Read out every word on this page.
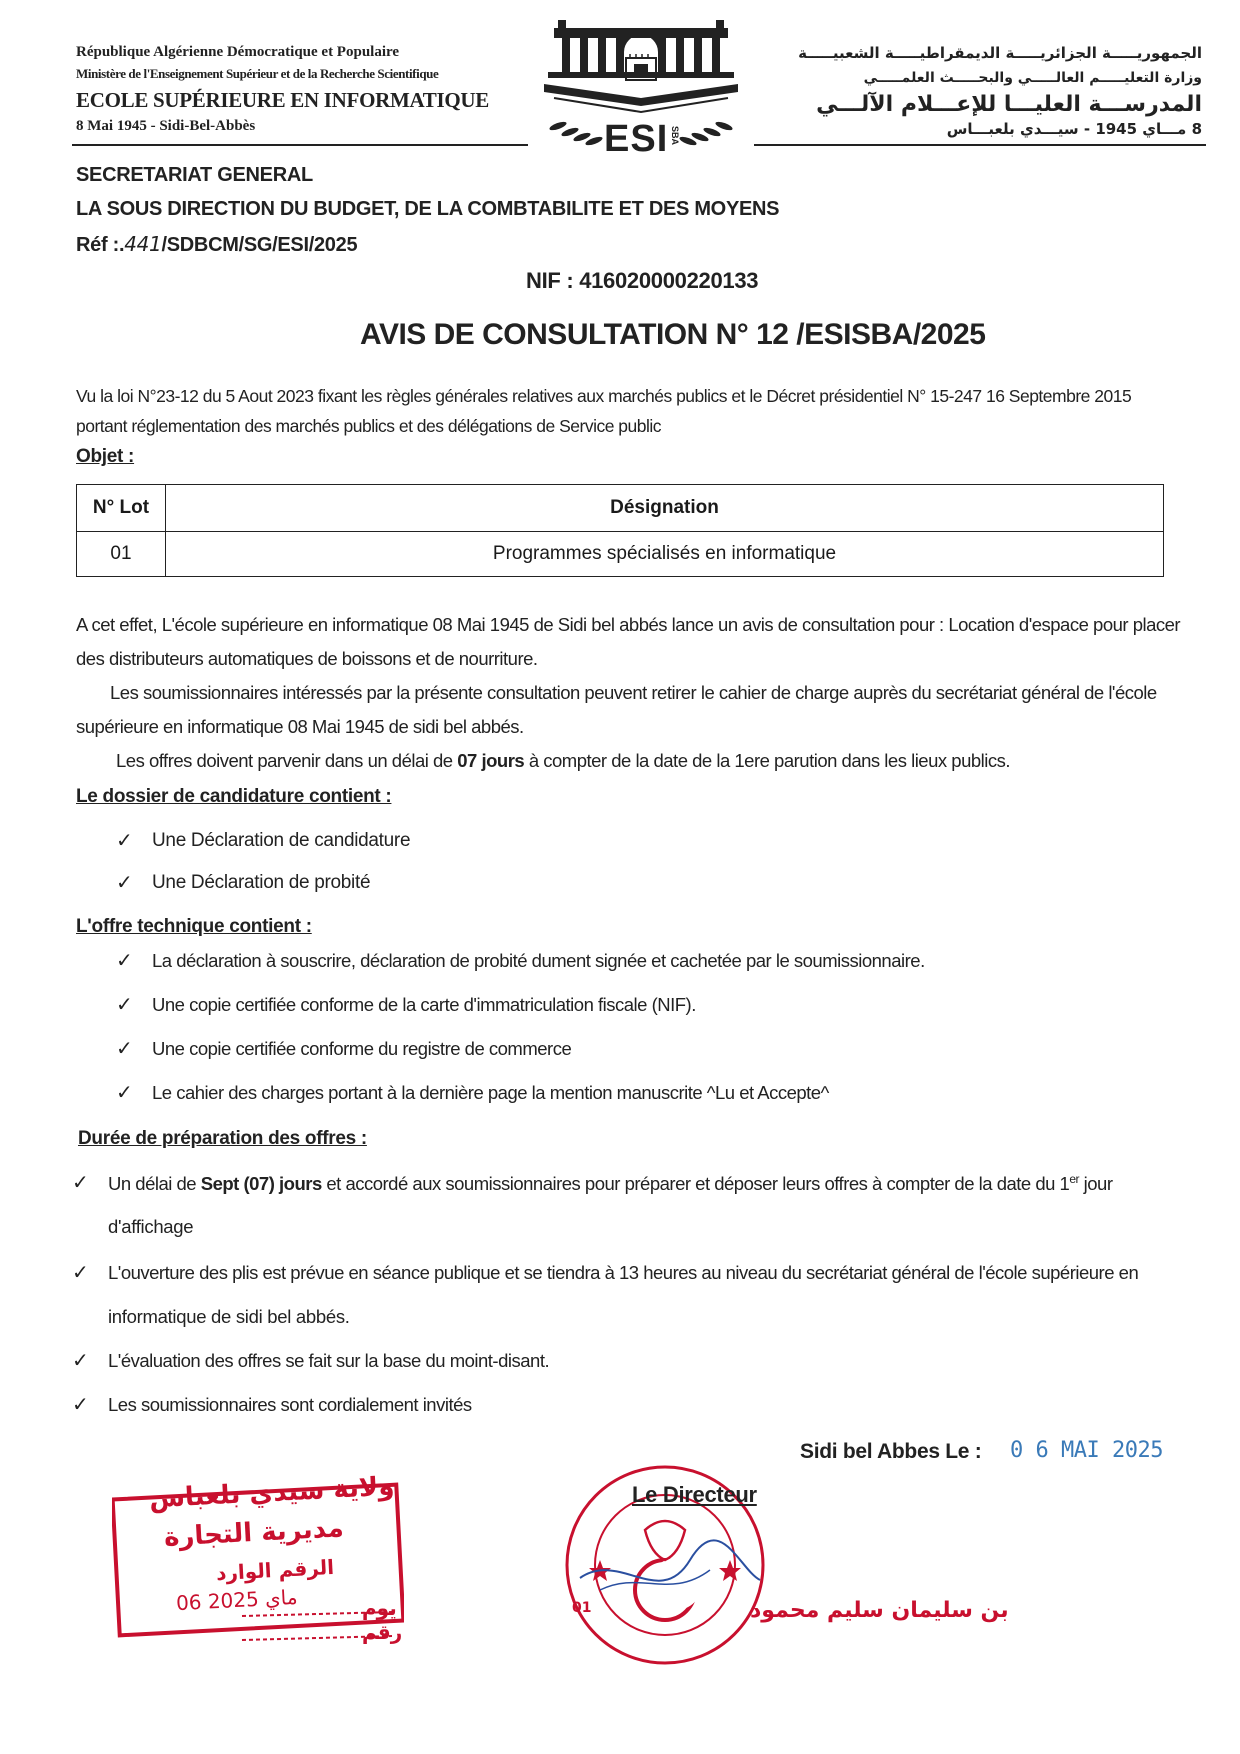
République Algérienne Démocratique et Populaire
Ministère de l'Enseignement Supérieur et de la Recherche Scientifique
ECOLE SUPÉRIEURE EN INFORMATIQUE
8 Mai 1945 - Sidi-Bel-Abbès
الجمهوريـــــة الجزائريـــــة الديمقراطيـــــة الشعبيـــــة
وزارة التعليـــــم العالـــــي والبحـــــث العلمـــــي
المدرســـة العليـــا للإعـــلام الآلـــي
8 مـــاي 1945 - سيـــدي بلعبـــاس
ESI SBA
SECRETARIAT GENERAL
LA SOUS DIRECTION DU BUDGET, DE LA COMBTABILITE ET DES MOYENS
Réf :.441/SDBCM/SG/ESI/2025
NIF : 416020000220133
AVIS DE CONSULTATION N° 12 /ESISBA/2025
Vu la loi N°23-12 du 5 Aout 2023 fixant les règles générales relatives aux marchés publics et le Décret présidentiel N° 15-247 16 Septembre 2015
portant réglementation des marchés publics et des délégations de Service public
Objet :
N° Lot	Désignation
01	Programmes spécialisés en informatique
A cet effet, L'école supérieure en informatique 08 Mai 1945 de Sidi bel abbés lance un avis de consultation pour : Location d'espace pour placer
des distributeurs automatiques de boissons et de nourriture.
Les soumissionnaires intéressés par la présente consultation peuvent retirer le cahier de charge auprès du secrétariat général de l'école
supérieure en informatique 08 Mai 1945 de sidi bel abbés.
Les offres doivent parvenir dans un délai de 07 jours à compter de la date de la 1ere parution dans les lieux publics.
Le dossier de candidature contient :
✓ Une Déclaration de candidature
✓ Une Déclaration de probité
L'offre technique contient :
✓ La déclaration à souscrire, déclaration de probité dument signée et cachetée par le soumissionnaire.
✓ Une copie certifiée conforme de la carte d'immatriculation fiscale (NIF).
✓ Une copie certifiée conforme du registre de commerce
✓ Le cahier des charges portant à la dernière page la mention manuscrite ^Lu et Accepte^
Durée de préparation des offres :
✓ Un délai de Sept (07) jours et accordé aux soumissionnaires pour préparer et déposer leurs offres à compter de la date du 1er jour
d'affichage
✓ L'ouverture des plis est prévue en séance publique et se tiendra à 13 heures au niveau du secrétariat général de l'école supérieure en
informatique de sidi bel abbés.
✓ L'évaluation des offres se fait sur la base du moint-disant.
✓ Les soumissionnaires sont cordialement invités
Sidi bel Abbes Le : 0 6 MAI 2025
ولاية سيدي بلعباس
مديرية التجارة
الرقم الوارد
06 ماي 2025	يوم
رقم
01
Le Directeur
بن سليمان سليم محمود
